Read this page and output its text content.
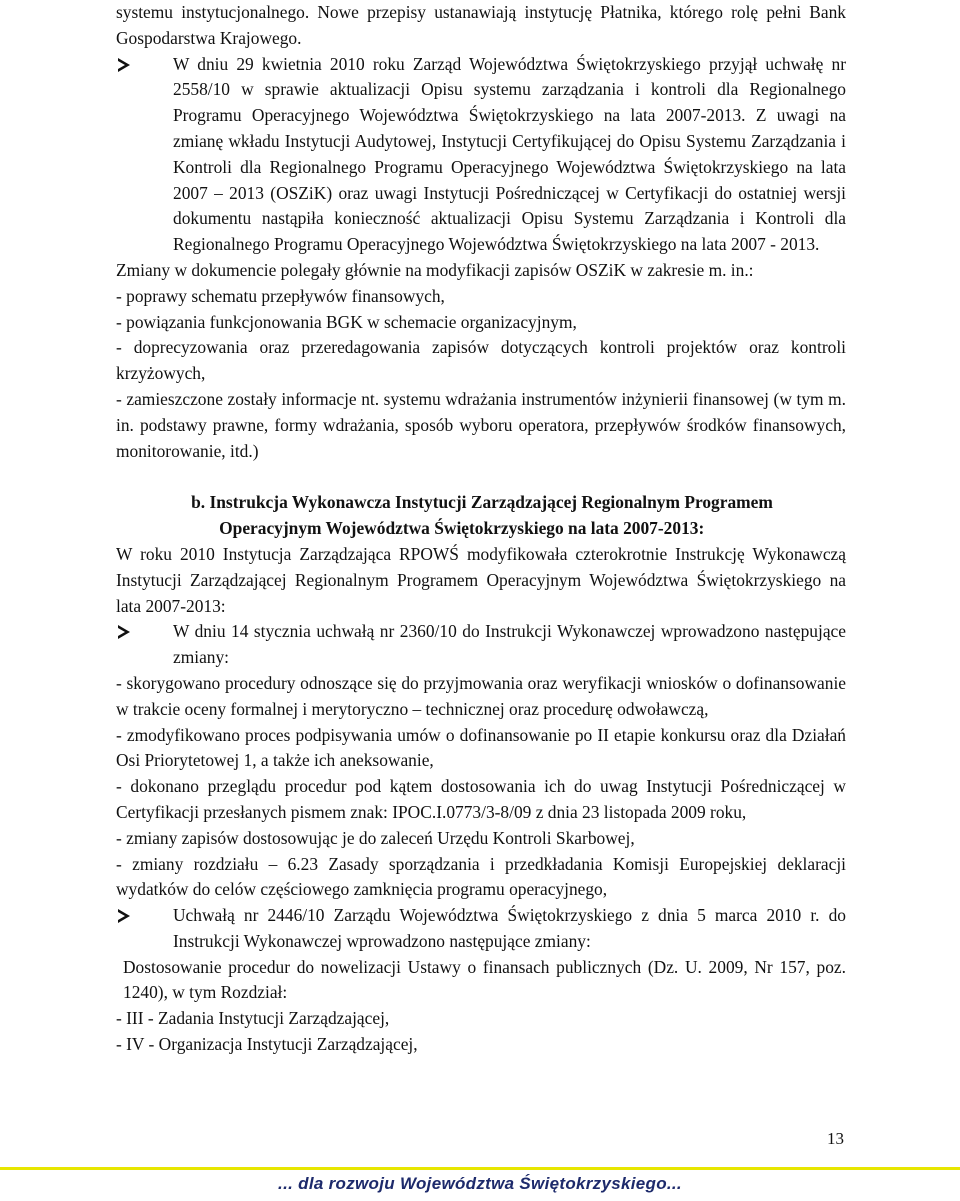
systemu instytucjonalnego. Nowe przepisy ustanawiają instytucję Płatnika, którego rolę pełni Bank Gospodarstwa Krajowego.

W dniu 29 kwietnia 2010 roku Zarząd Województwa Świętokrzyskiego przyjął uchwałę nr 2558/10 w sprawie aktualizacji Opisu systemu zarządzania i kontroli dla Regionalnego Programu Operacyjnego Województwa Świętokrzyskiego na lata 2007-2013. Z uwagi na zmianę wkładu Instytucji Audytowej, Instytucji Certyfikującej do Opisu Systemu Zarządzania i Kontroli dla Regionalnego Programu Operacyjnego Województwa Świętokrzyskiego na lata 2007 – 2013 (OSZiK) oraz uwagi Instytucji Pośredniczącej w Certyfikacji do ostatniej wersji dokumentu nastąpiła konieczność aktualizacji Opisu Systemu Zarządzania i Kontroli dla Regionalnego Programu Operacyjnego Województwa Świętokrzyskiego na lata 2007 - 2013.

Zmiany w dokumencie polegały głównie na modyfikacji zapisów OSZiK w zakresie m. in.:

- poprawy schematu przepływów finansowych,

- powiązania funkcjonowania BGK w schemacie organizacyjnym,

- doprecyzowania oraz przeredagowania zapisów dotyczących kontroli projektów oraz kontroli krzyżowych,

- zamieszczone zostały informacje nt. systemu wdrażania instrumentów inżynierii finansowej (w tym m. in. podstawy prawne, formy wdrażania, sposób wyboru operatora, przepływów środków finansowych, monitorowanie, itd.)

b. Instrukcja Wykonawcza Instytucji Zarządzającej Regionalnym Programem
Operacyjnym Województwa Świętokrzyskiego na lata 2007-2013:

W roku 2010 Instytucja Zarządzająca RPOWŚ modyfikowała czterokrotnie Instrukcję Wykonawczą Instytucji Zarządzającej Regionalnym Programem Operacyjnym Województwa Świętokrzyskiego na lata 2007-2013:

W dniu 14 stycznia uchwałą nr 2360/10 do Instrukcji Wykonawczej wprowadzono następujące zmiany:

- skorygowano procedury odnoszące się do przyjmowania oraz weryfikacji wniosków o dofinansowanie w trakcie oceny formalnej i merytoryczno – technicznej oraz procedurę odwoławczą,

- zmodyfikowano proces podpisywania umów o dofinansowanie po II etapie konkursu oraz dla Działań Osi Priorytetowej 1, a także ich aneksowanie,

- dokonano przeglądu procedur pod kątem dostosowania ich do uwag Instytucji Pośredniczącej w Certyfikacji przesłanych pismem znak: IPOC.I.0773/3-8/09 z dnia 23 listopada 2009 roku,

- zmiany zapisów dostosowując je do zaleceń Urzędu Kontroli Skarbowej,

- zmiany rozdziału – 6.23 Zasady sporządzania i przedkładania Komisji Europejskiej deklaracji wydatków do celów częściowego zamknięcia programu operacyjnego,

Uchwałą nr 2446/10 Zarządu Województwa Świętokrzyskiego z dnia 5 marca 2010 r. do Instrukcji Wykonawczej wprowadzono następujące zmiany:

Dostosowanie procedur do nowelizacji Ustawy o finansach publicznych (Dz. U. 2009, Nr 157, poz. 1240), w tym Rozdział:

- III - Zadania Instytucji Zarządzającej,

- IV - Organizacja Instytucji Zarządzającej,

13
... dla rozwoju Województwa Świętokrzyskiego...
